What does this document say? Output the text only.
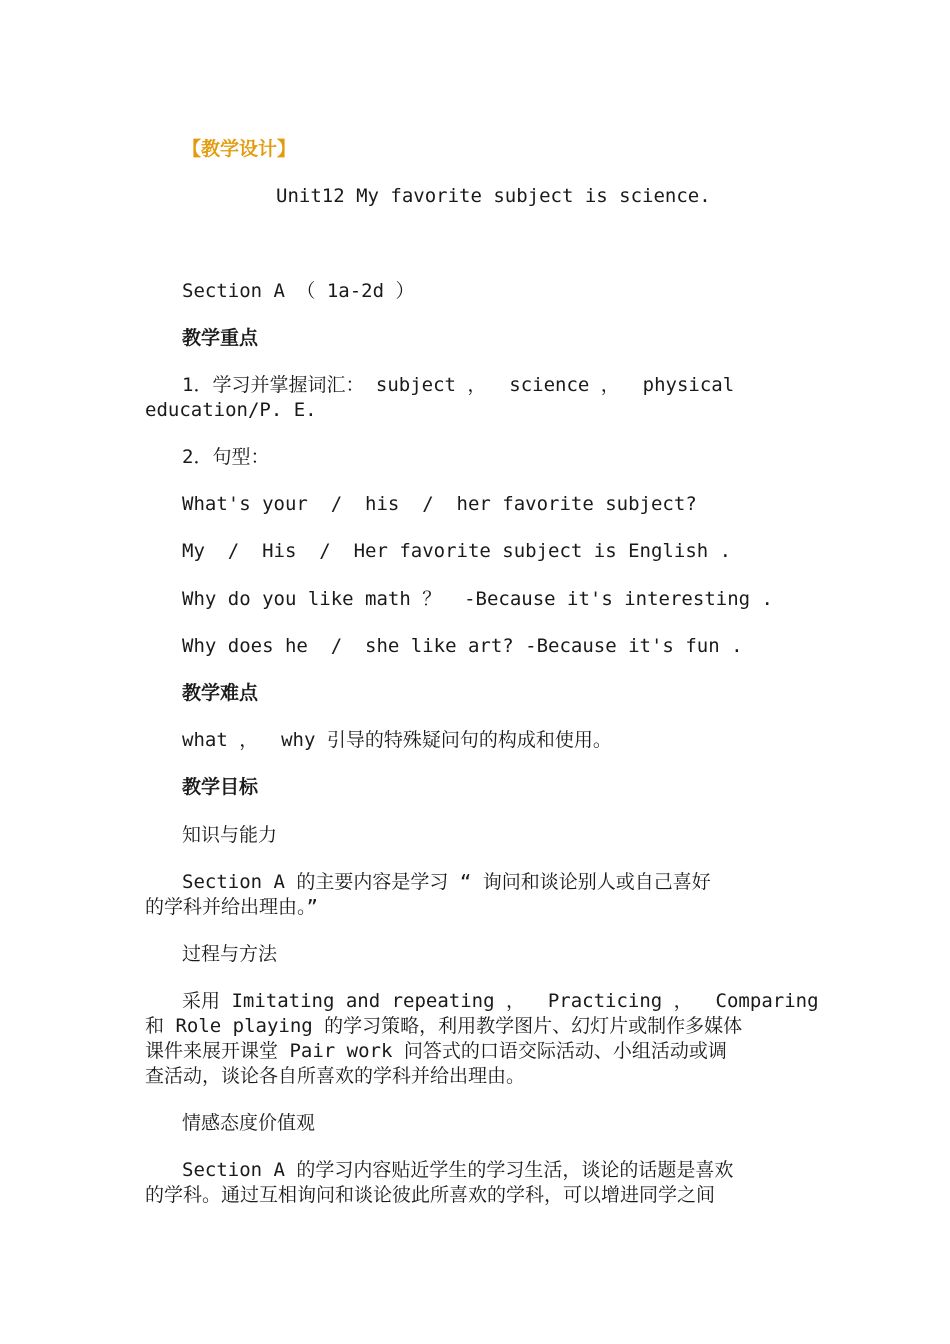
【教学设计】
Unit12 My favorite subject is science.
Section A （ 1a-2d ）
教学重点
1．学习并掌握词汇： subject ，  science ，  physical
education/P. E.
2．句型：
What's your  /  his  /  her favorite subject?
My  /  His  /  Her favorite subject is English .
Why do you like math ？  -Because it's interesting .
Why does he  /  she like art? -Because it's fun .
教学难点
what ，  why 引导的特殊疑问句的构成和使用。
教学目标
知识与能力
Section A 的主要内容是学习 “ 询问和谈论别人或自己喜好
的学科并给出理由。”
过程与方法
采用 Imitating and repeating ，  Practicing ，  Comparing
和 Role playing 的学习策略，利用教学图片、幻灯片或制作多媒体
课件来展开课堂 Pair work 问答式的口语交际活动、小组活动或调
查活动，谈论各自所喜欢的学科并给出理由。
情感态度价值观
Section A 的学习内容贴近学生的学习生活，谈论的话题是喜欢
的学科。通过互相询问和谈论彼此所喜欢的学科，可以增进同学之间
